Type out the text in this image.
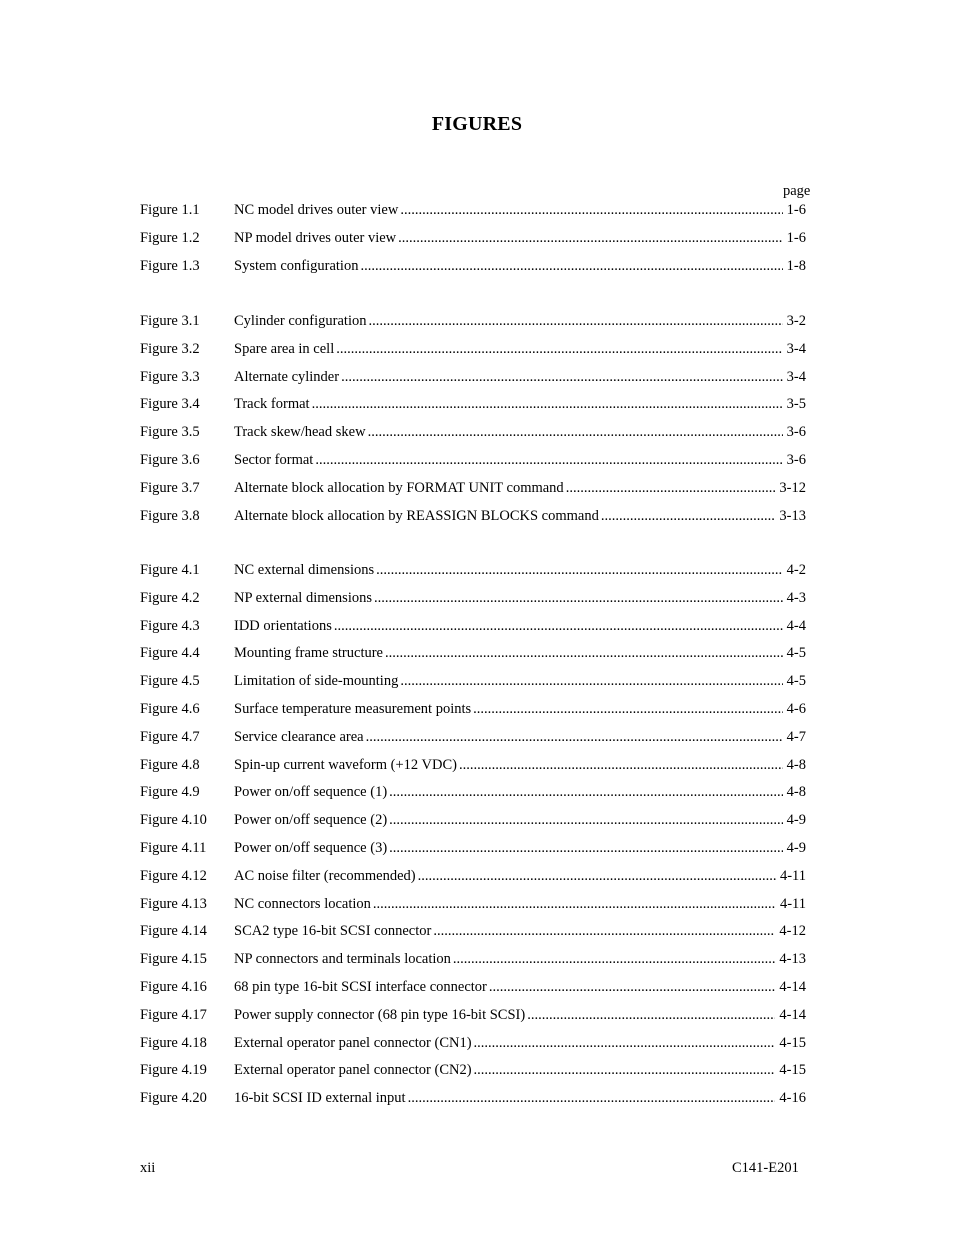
FIGURES
page
Figure 1.1 NC model drives outer view .....	1-6
Figure 1.2 NP model drives outer view .....	1-6
Figure 1.3 System configuration .....	1-8
Figure 3.1 Cylinder configuration .....	3-2
Figure 3.2 Spare area in cell .....	3-4
Figure 3.3 Alternate cylinder .....	3-4
Figure 3.4 Track format .....	3-5
Figure 3.5 Track skew/head skew .....	3-6
Figure 3.6 Sector format .....	3-6
Figure 3.7 Alternate block allocation by FORMAT UNIT command .....	3-12
Figure 3.8 Alternate block allocation by REASSIGN BLOCKS command .....	3-13
Figure 4.1 NC external dimensions .....	4-2
Figure 4.2 NP external dimensions .....	4-3
Figure 4.3 IDD orientations .....	4-4
Figure 4.4 Mounting frame structure .....	4-5
Figure 4.5 Limitation of side-mounting .....	4-5
Figure 4.6 Surface temperature measurement points .....	4-6
Figure 4.7 Service clearance area .....	4-7
Figure 4.8 Spin-up current waveform (+12 VDC) .....	4-8
Figure 4.9 Power on/off sequence (1) .....	4-8
Figure 4.10 Power on/off sequence (2) .....	4-9
Figure 4.11 Power on/off sequence (3) .....	4-9
Figure 4.12 AC noise filter (recommended) .....	4-11
Figure 4.13 NC connectors location .....	4-11
Figure 4.14 SCA2 type 16-bit SCSI connector .....	4-12
Figure 4.15 NP connectors and terminals location .....	4-13
Figure 4.16 68 pin type 16-bit SCSI interface connector .....	4-14
Figure 4.17 Power supply connector (68 pin type 16-bit SCSI) .....	4-14
Figure 4.18 External operator panel connector (CN1) .....	4-15
Figure 4.19 External operator panel connector (CN2) .....	4-15
Figure 4.20 16-bit SCSI ID external input .....	4-16
xii	C141-E201
